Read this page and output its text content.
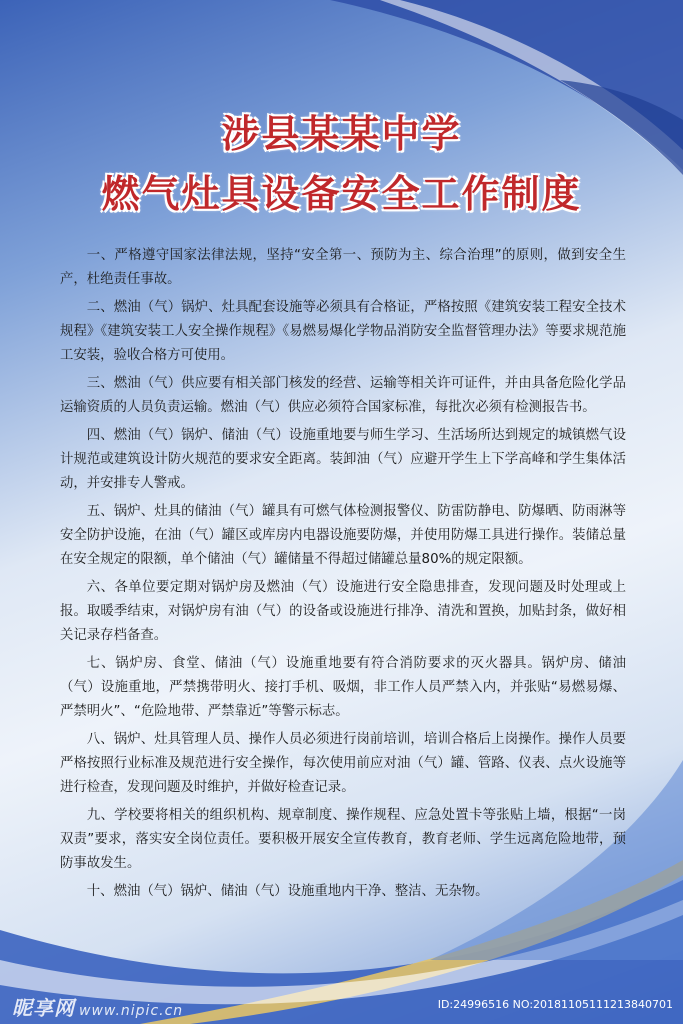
涉县某某中学
燃气灶具设备安全工作制度

一、严格遵守国家法律法规，坚持“安全第一、预防为主、综合治理”的原则，做到安全生产，杜绝责任事故。

二、燃油（气）锅炉、灶具配套设施等必须具有合格证，严格按照《建筑安装工程安全技术规程》《建筑安装工人安全操作规程》《易燃易爆化学物品消防安全监督管理办法》等要求规范施工安装，验收合格方可使用。

三、燃油（气）供应要有相关部门核发的经营、运输等相关许可证件，并由具备危险化学品运输资质的人员负责运输。燃油（气）供应必须符合国家标准，每批次必须有检测报告书。

四、燃油（气）锅炉、储油（气）设施重地要与师生学习、生活场所达到规定的城镇燃气设计规范或建筑设计防火规范的要求安全距离。装卸油（气）应避开学生上下学高峰和学生集体活动，并安排专人警戒。

五、锅炉、灶具的储油（气）罐具有可燃气体检测报警仪、防雷防静电、防爆晒、防雨淋等安全防护设施，在油（气）罐区或库房内电器设施要防爆，并使用防爆工具进行操作。装储总量在安全规定的限额，单个储油（气）罐储量不得超过储罐总量80%的规定限额。

六、各单位要定期对锅炉房及燃油（气）设施进行安全隐患排查，发现问题及时处理或上报。取暖季结束，对锅炉房有油（气）的设备或设施进行排净、清洗和置换，加贴封条，做好相关记录存档备查。

七、锅炉房、食堂、储油（气）设施重地要有符合消防要求的灭火器具。锅炉房、储油（气）设施重地，严禁携带明火、接打手机、吸烟，非工作人员严禁入内，并张贴“易燃易爆、严禁明火”、“危险地带、严禁靠近”等警示标志。

八、锅炉、灶具管理人员、操作人员必须进行岗前培训，培训合格后上岗操作。操作人员要严格按照行业标准及规范进行安全操作，每次使用前应对油（气）罐、管路、仪表、点火设施等进行检查，发现问题及时维护，并做好检查记录。

九、学校要将相关的组织机构、规章制度、操作规程、应急处置卡等张贴上墙，根据“一岗双责”要求，落实安全岗位责任。要积极开展安全宣传教育，教育老师、学生远离危险地带，预防事故发生。

十、燃油（气）锅炉、储油（气）设施重地内干净、整洁、无杂物。

昵享网 www.nipic.cn	ID:24996516 NO:20181105111213840701
